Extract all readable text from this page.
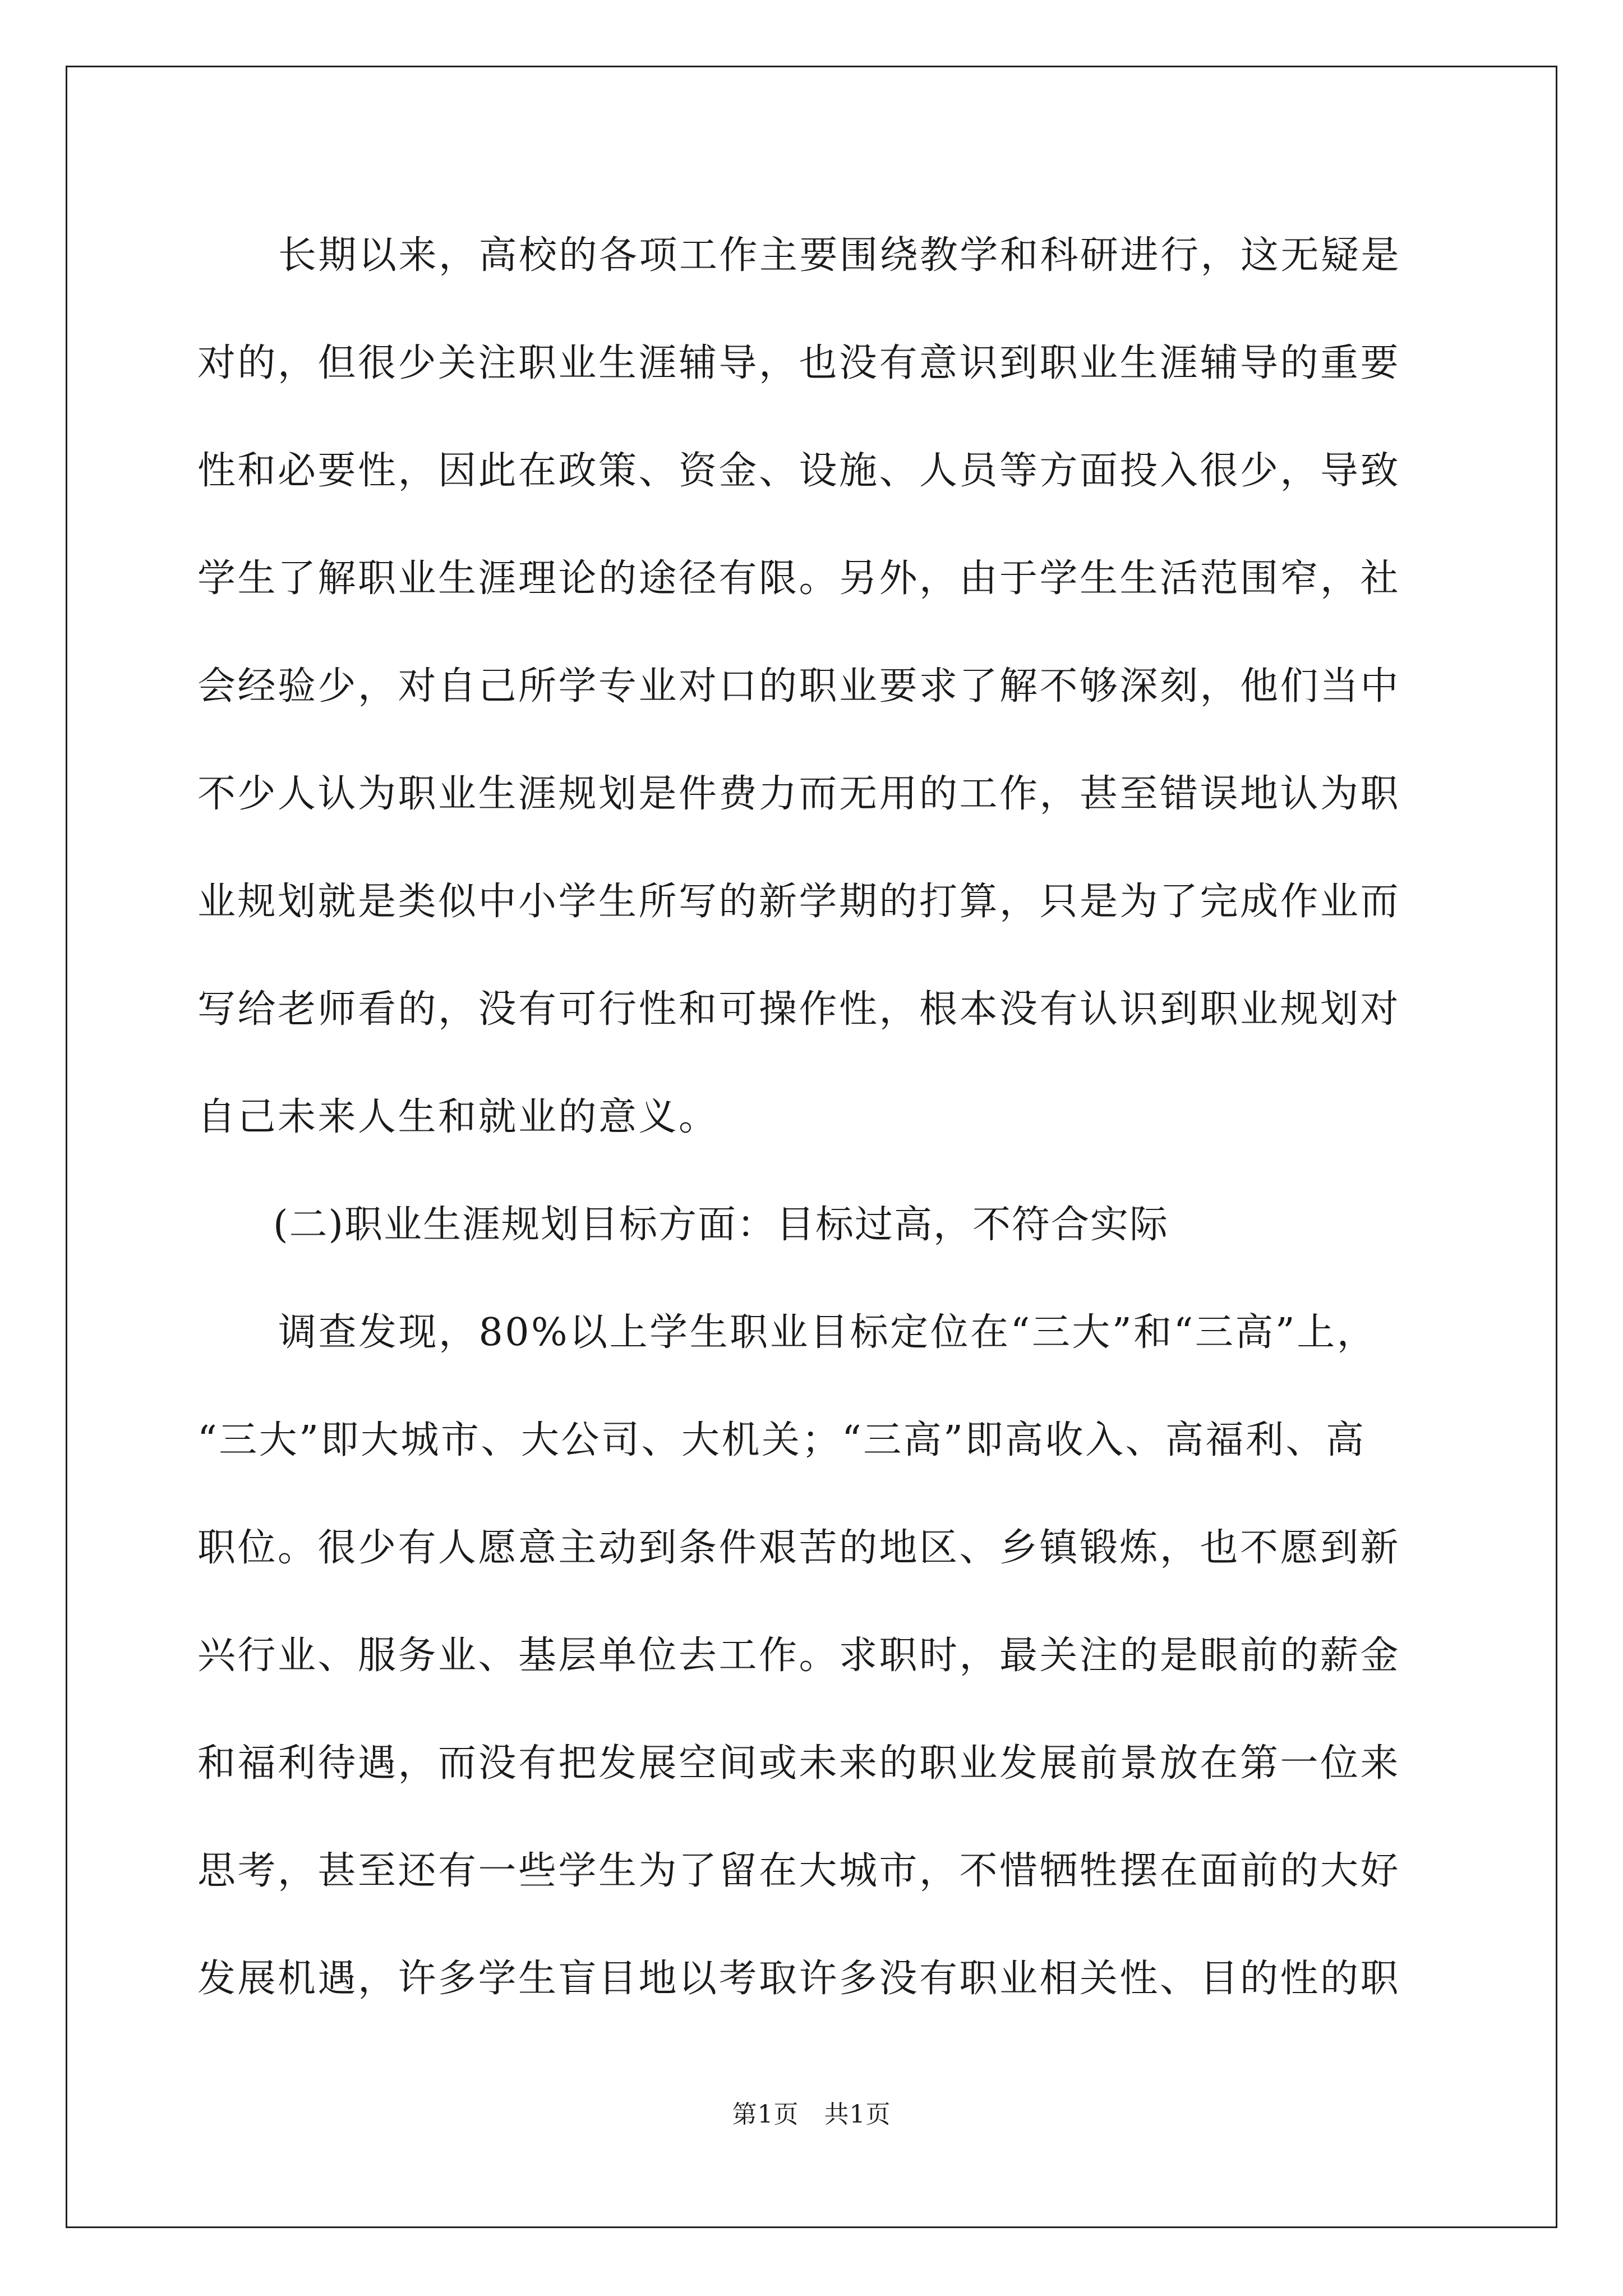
长期以来，高校的各项工作主要围绕教学和科研进行，这无疑是
对的，但很少关注职业生涯辅导，也没有意识到职业生涯辅导的重要
性和必要性，因此在政策、资金、设施、人员等方面投入很少，导致
学生了解职业生涯理论的途径有限。另外，由于学生生活范围窄，社
会经验少，对自己所学专业对口的职业要求了解不够深刻，他们当中
不少人认为职业生涯规划是件费力而无用的工作，甚至错误地认为职
业规划就是类似中小学生所写的新学期的打算，只是为了完成作业而
写给老师看的，没有可行性和可操作性，根本没有认识到职业规划对
自己未来人生和就业的意义。
(二)职业生涯规划目标方面：目标过高，不符合实际
调查发现，80%以上学生职业目标定位在“三大”和“三高”上，
“三大”即大城市、大公司、大机关；“三高”即高收入、高福利、高
职位。很少有人愿意主动到条件艰苦的地区、乡镇锻炼，也不愿到新
兴行业、服务业、基层单位去工作。求职时，最关注的是眼前的薪金
和福利待遇，而没有把发展空间或未来的职业发展前景放在第一位来
思考，甚至还有一些学生为了留在大城市，不惜牺牲摆在面前的大好
发展机遇，许多学生盲目地以考取许多没有职业相关性、目的性的职
第1页　共1页
